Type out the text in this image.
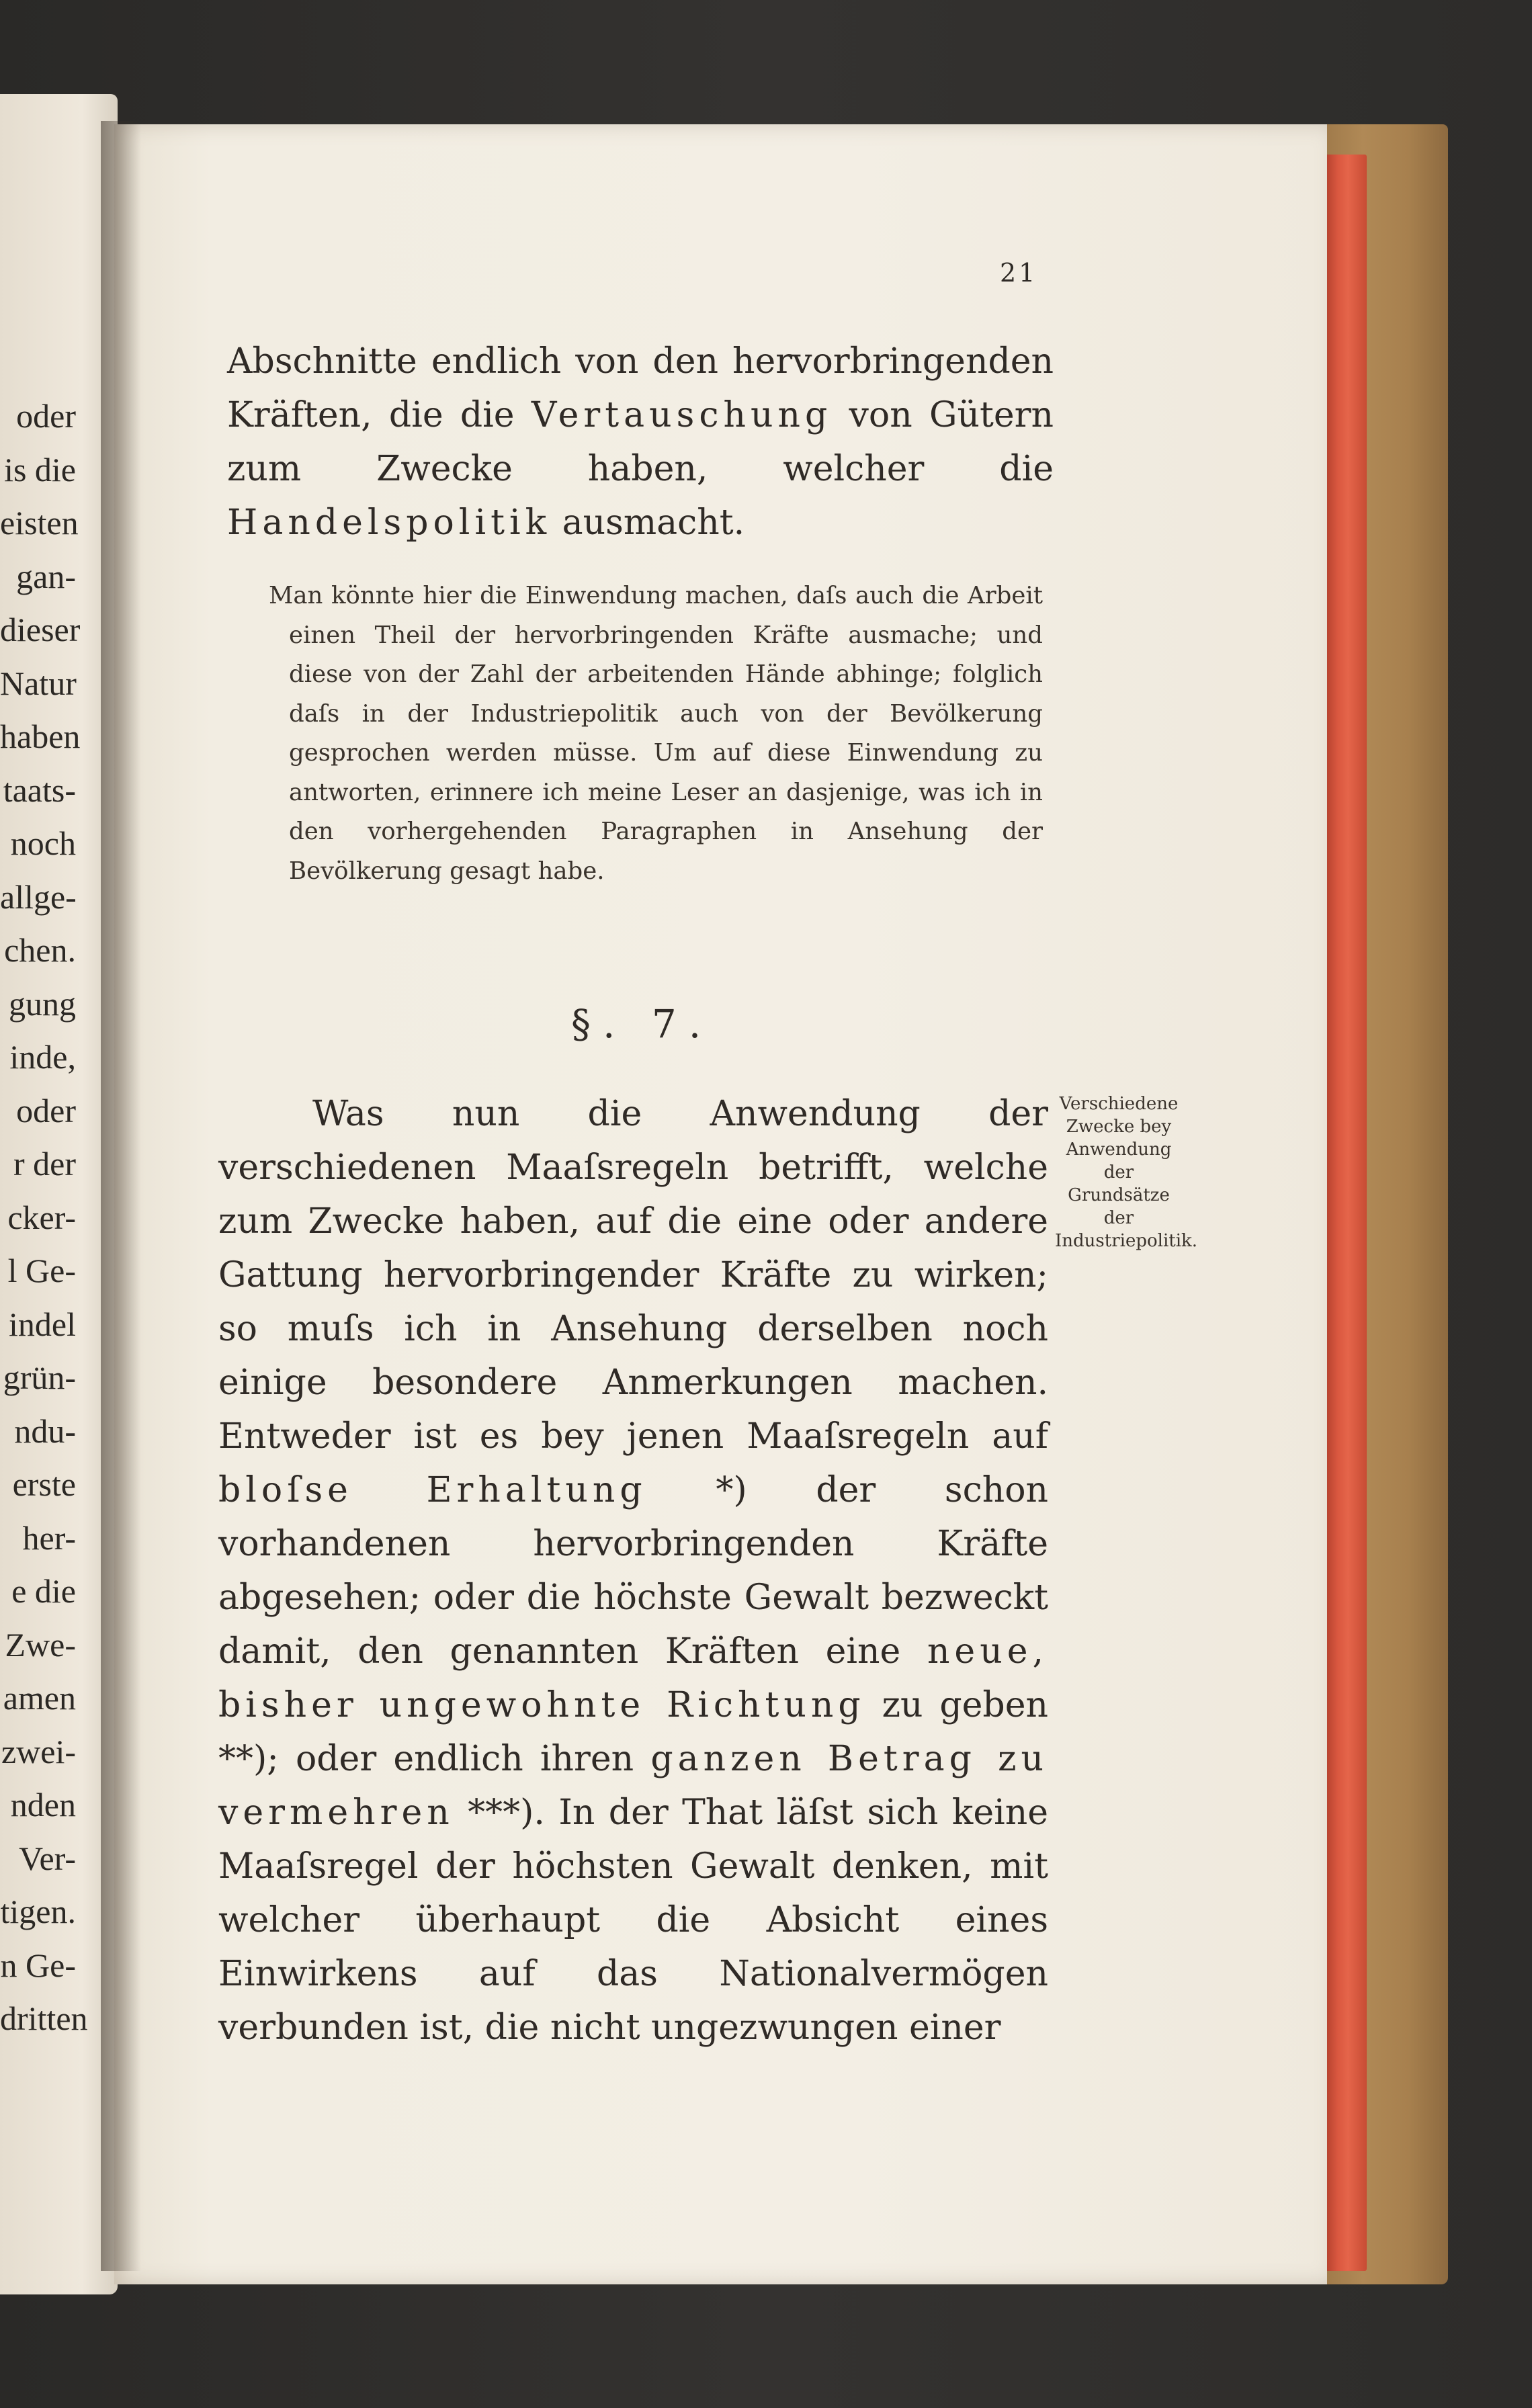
oder
is die
eisten
gan-
dieser
Natur
haben
taats-
noch
allge-
chen.
gung
inde,
oder
r der
cker-
l Ge-
indel
grün-
ndu-
erste
her-
e die
Zwe-
amen
zwei-
nden
Ver-
tigen.
n Ge-
dritten
21
Abschnitte endlich von den hervorbringenden Kräften, die die Vertauschung von Gütern zum Zwecke haben, welcher die Handelspolitik ausmacht.
Man könnte hier die Einwendung machen, daſs auch die Arbeit einen Theil der hervorbringenden Kräfte ausmache; und diese von der Zahl der arbeitenden Hände abhinge; folglich daſs in der Industriepolitik auch von der Bevölkerung gesprochen werden müsse. Um auf diese Einwendung zu antworten, erinnere ich meine Leser an dasjenige, was ich in den vorhergehenden Paragraphen in Ansehung der Bevölkerung gesagt habe.
§. 7.
Was nun die Anwendung der verschiedenen Maaſsregeln betrifft, welche zum Zwecke haben, auf die eine oder andere Gattung hervorbringender Kräfte zu wirken; so muſs ich in Ansehung derselben noch einige besondere Anmerkungen machen. Entweder ist es bey jenen Maaſsregeln auf bloſse Erhaltung *) der schon vorhandenen hervorbringenden Kräfte abgesehen; oder die höchste Gewalt bezweckt damit, den genannten Kräften eine neue, bisher ungewohnte Richtung zu geben **); oder endlich ihren ganzen Betrag zu vermehren ***). In der That läſst sich keine Maaſsregel der höchsten Gewalt denken, mit welcher überhaupt die Absicht eines Einwirkens auf das Nationalvermögen verbunden ist, die nicht ungezwungen einer
Verschiedene Zwecke bey Anwendung der Grundsätze der Industriepolitik.
